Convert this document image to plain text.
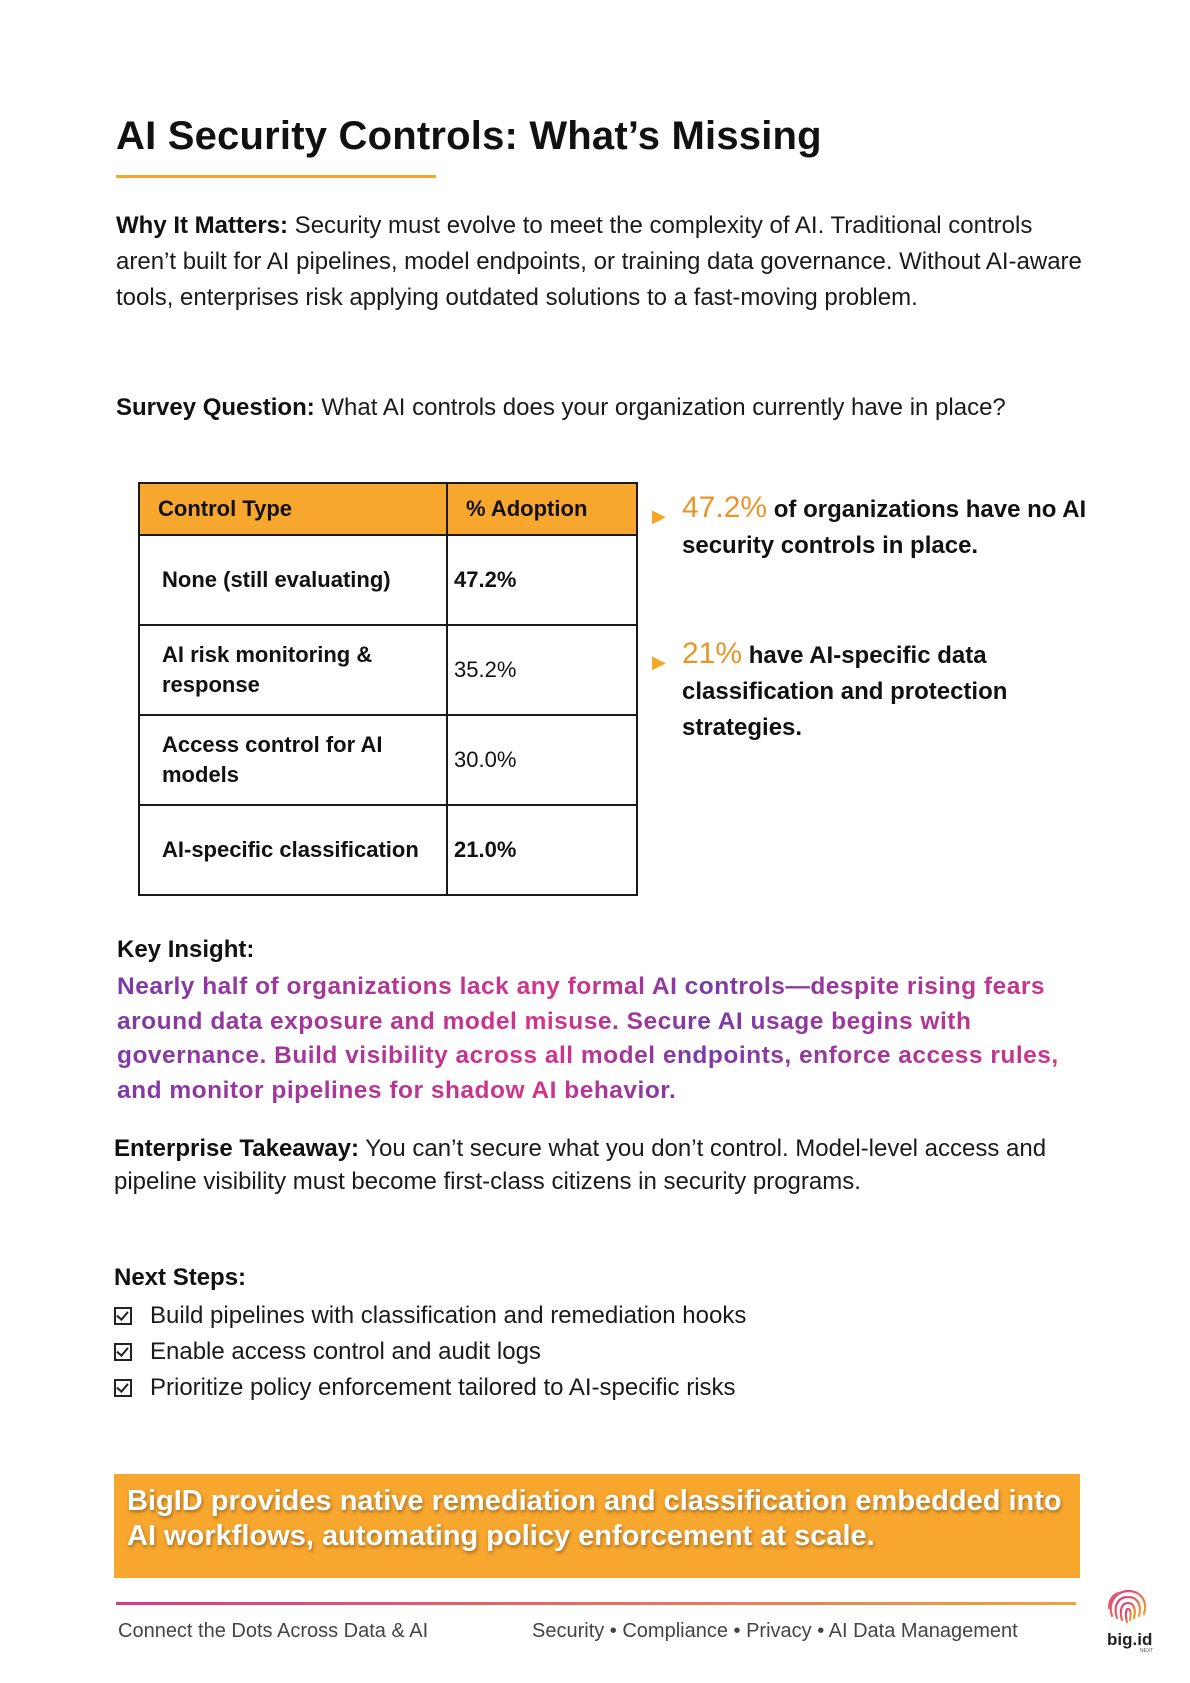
AI Security Controls: What’s Missing

Why It Matters: Security must evolve to meet the complexity of AI. Traditional controls aren’t built for AI pipelines, model endpoints, or training data governance. Without AI-aware tools, enterprises risk applying outdated solutions to a fast-moving problem.

Survey Question: What AI controls does your organization currently have in place?

Control Type	% Adoption
None (still evaluating)	47.2%
AI risk monitoring & response	35.2%
Access control for AI models	30.0%
AI-specific classification	21.0%
▶ 47.2% of organizations have no AI security controls in place.
▶ 21% have AI-specific data classification and protection strategies.
Key Insight:
Nearly half of organizations lack any formal AI controls—despite rising fears around data exposure and model misuse. Secure AI usage begins with governance. Build visibility across all model endpoints, enforce access rules, and monitor pipelines for shadow AI behavior.

Enterprise Takeaway: You can’t secure what you don’t control. Model-level access and pipeline visibility must become first-class citizens in security programs.

Next Steps:
Build pipelines with classification and remediation hooks
Enable access control and audit logs
Prioritize policy enforcement tailored to AI-specific risks
BigID provides native remediation and classification embedded into AI workflows, automating policy enforcement at scale.
Connect the Dots Across Data & AI	Security • Compliance • Privacy • AI Data Management	big.id
NEXT
